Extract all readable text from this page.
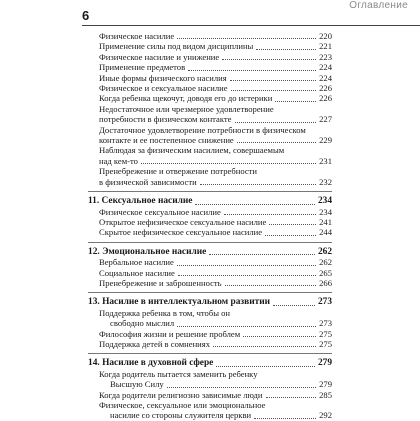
6
Оглавление
Физическое насилие	220
Применение силы под видом дисциплины	221
Физическое насилие и унижение	223
Применение предметов	224
Иные формы физического насилия	224
Физическое и сексуальное насилие	226
Когда ребенка щекочут, доводя его до истерики	226
Недостаточное или чрезмерное удовлетворение
потребности в физическом контакте	227
Достаточное удовлетворение потребности в физическом
контакте и ее постепенное снижение	229
Наблюдая за физическим насилием, совершаемым
над кем-то	231
Пренебрежение и отвержение потребности
в физической зависимости	232
11. Сексуальное насилие	234
Физическое сексуальное насилие	234
Открытое нефизическое сексуальное насилие	241
Скрытое нефизическое сексуальное насилие	244
12. Эмоциональное насилие	262
Вербальное насилие	262
Социальное насилие	265
Пренебрежение и заброшенность	266
13. Насилие в интеллектуальном развитии	273
Поддержка ребенка в том, чтобы он
свободно мыслил	273
Философия жизни и решение проблем	275
Поддержка детей в сомнениях	275
14. Насилие в духовной сфере	279
Когда родитель пытается заменить ребенку
Высшую Силу	279
Когда родители религиозно зависимые люди	285
Физическое, сексуальное или эмоциональное
насилие со стороны служителя церкви	292
